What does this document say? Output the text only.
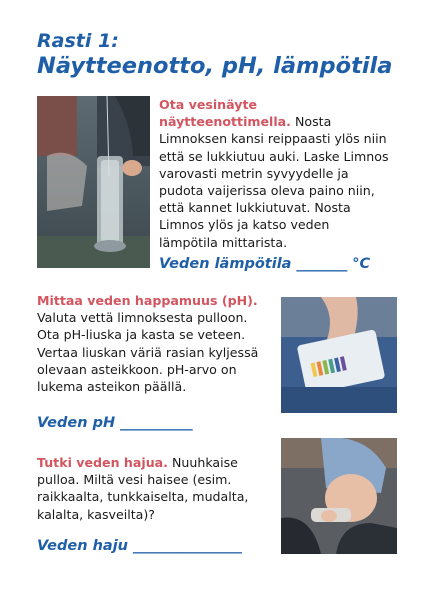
Rasti 1:
Näytteenotto, pH, lämpötila

Ota vesinäyte näytteenottimella. Nosta Limnoksen kansi reippaasti ylös niin että se lukkiutuu auki. Laske Limnos varovasti metrin syvyydelle ja pudota vaijerissa oleva paino niin, että kannet lukkiutuvat. Nosta Limnos ylös ja katso veden lämpötila mittarista.

Veden lämpötila _______ °C

Mittaa veden happamuus (pH). Valuta vettä limnoksesta pulloon. Ota pH-liuska ja kasta se veteen. Vertaa liuskan väriä rasian kyljessä olevaan asteikkoon. pH-arvo on lukema asteikon päällä.

Veden pH __________

Tutki veden hajua. Nuuhkaise pulloa. Miltä vesi haisee (esim. raikkaalta, tunkkaiselta, mudalta, kalalta, kasveilta)?

Veden haju _______________
